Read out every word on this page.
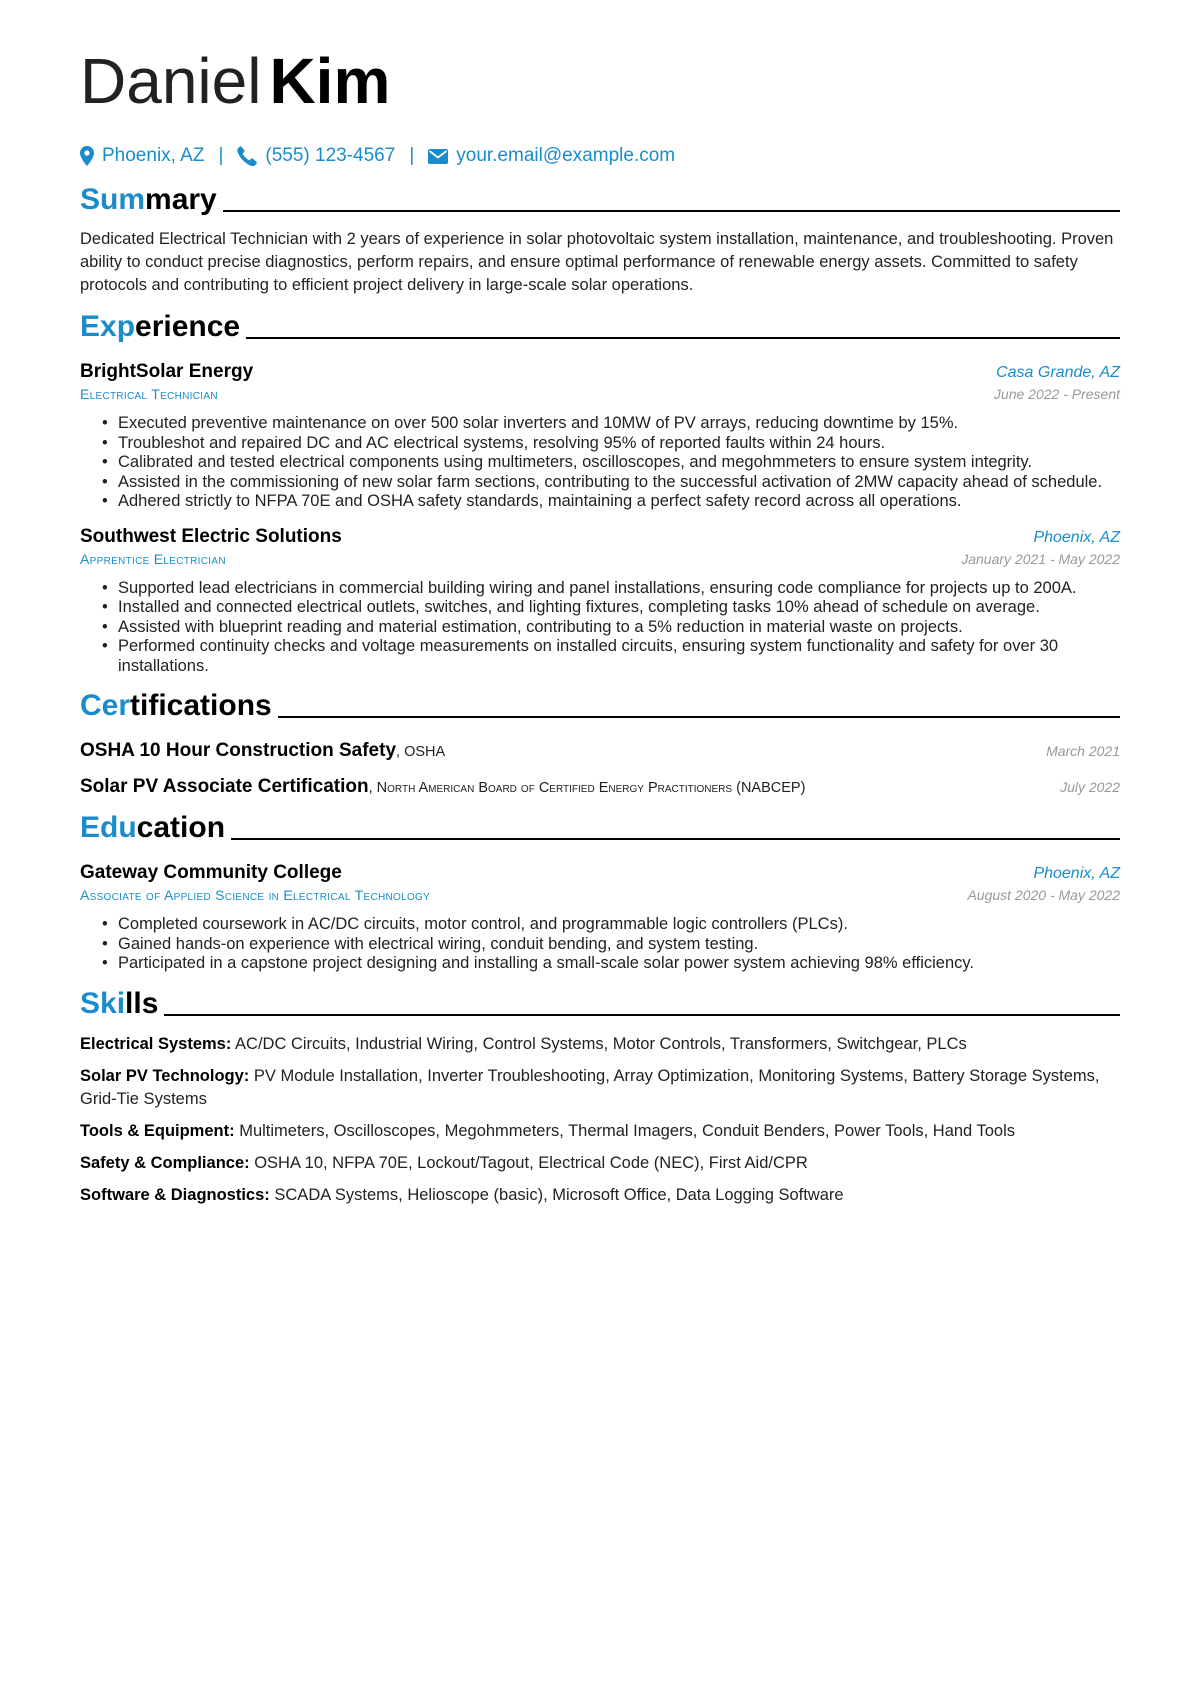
Daniel Kim
Phoenix, AZ | (555) 123-4567 | your.email@example.com
Summary
Dedicated Electrical Technician with 2 years of experience in solar photovoltaic system installation, maintenance, and troubleshooting. Proven ability to conduct precise diagnostics, perform repairs, and ensure optimal performance of renewable energy assets. Committed to safety protocols and contributing to efficient project delivery in large-scale solar operations.
Experience
BrightSolar Energy	Casa Grande, AZ
Electrical Technician	June 2022 - Present
• Executed preventive maintenance on over 500 solar inverters and 10MW of PV arrays, reducing downtime by 15%.
• Troubleshot and repaired DC and AC electrical systems, resolving 95% of reported faults within 24 hours.
• Calibrated and tested electrical components using multimeters, oscilloscopes, and megohmmeters to ensure system integrity.
• Assisted in the commissioning of new solar farm sections, contributing to the successful activation of 2MW capacity ahead of schedule.
• Adhered strictly to NFPA 70E and OSHA safety standards, maintaining a perfect safety record across all operations.
Southwest Electric Solutions	Phoenix, AZ
Apprentice Electrician	January 2021 - May 2022
• Supported lead electricians in commercial building wiring and panel installations, ensuring code compliance for projects up to 200A.
• Installed and connected electrical outlets, switches, and lighting fixtures, completing tasks 10% ahead of schedule on average.
• Assisted with blueprint reading and material estimation, contributing to a 5% reduction in material waste on projects.
• Performed continuity checks and voltage measurements on installed circuits, ensuring system functionality and safety for over 30 installations.
Certifications
OSHA 10 Hour Construction Safety, OSHA	March 2021
Solar PV Associate Certification, North American Board of Certified Energy Practitioners (NABCEP)	July 2022
Education
Gateway Community College	Phoenix, AZ
Associate of Applied Science in Electrical Technology	August 2020 - May 2022
• Completed coursework in AC/DC circuits, motor control, and programmable logic controllers (PLCs).
• Gained hands-on experience with electrical wiring, conduit bending, and system testing.
• Participated in a capstone project designing and installing a small-scale solar power system achieving 98% efficiency.
Skills
Electrical Systems: AC/DC Circuits, Industrial Wiring, Control Systems, Motor Controls, Transformers, Switchgear, PLCs
Solar PV Technology: PV Module Installation, Inverter Troubleshooting, Array Optimization, Monitoring Systems, Battery Storage Systems, Grid-Tie Systems
Tools & Equipment: Multimeters, Oscilloscopes, Megohmmeters, Thermal Imagers, Conduit Benders, Power Tools, Hand Tools
Safety & Compliance: OSHA 10, NFPA 70E, Lockout/Tagout, Electrical Code (NEC), First Aid/CPR
Software & Diagnostics: SCADA Systems, Helioscope (basic), Microsoft Office, Data Logging Software
